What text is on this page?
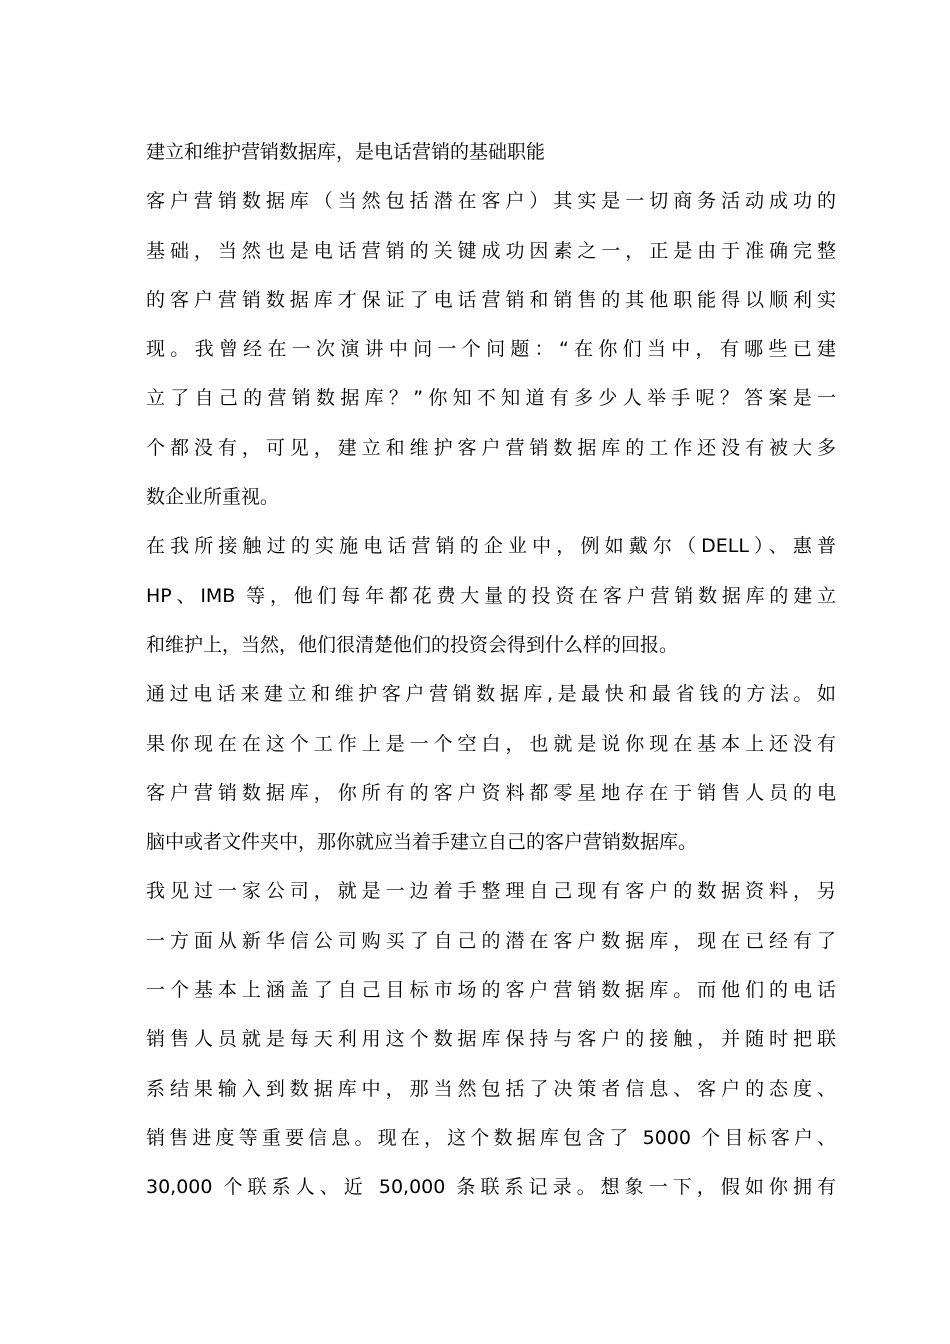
建立和维护营销数据库，是电话营销的基础职能
客户营销数据库（当然包括潜在客户）其实是一切商务活动成功的
基础，当然也是电话营销的关键成功因素之一，正是由于准确完整
的客户营销数据库才保证了电话营销和销售的其他职能得以顺利实
现。我曾经在一次演讲中问一个问题：“在你们当中，有哪些已建
立了自己的营销数据库？”你知不知道有多少人举手呢？答案是一
个都没有，可见，建立和维护客户营销数据库的工作还没有被大多
数企业所重视。
在我所接触过的实施电话营销的企业中，例如戴尔（DELL）、惠普
HP、IMB 等，他们每年都花费大量的投资在客户营销数据库的建立
和维护上，当然，他们很清楚他们的投资会得到什么样的回报。
通过电话来建立和维护客户营销数据库,是最快和最省钱的方法。如
果你现在在这个工作上是一个空白，也就是说你现在基本上还没有
客户营销数据库，你所有的客户资料都零星地存在于销售人员的电
脑中或者文件夹中，那你就应当着手建立自己的客户营销数据库。
我见过一家公司，就是一边着手整理自己现有客户的数据资料，另
一方面从新华信公司购买了自己的潜在客户数据库，现在已经有了
一个基本上涵盖了自己目标市场的客户营销数据库。而他们的电话
销售人员就是每天利用这个数据库保持与客户的接触，并随时把联
系结果输入到数据库中，那当然包括了决策者信息、客户的态度、
销售进度等重要信息。现在，这个数据库包含了 5000 个目标客户、
30,000 个联系人、近 50,000 条联系记录。想象一下，假如你拥有
